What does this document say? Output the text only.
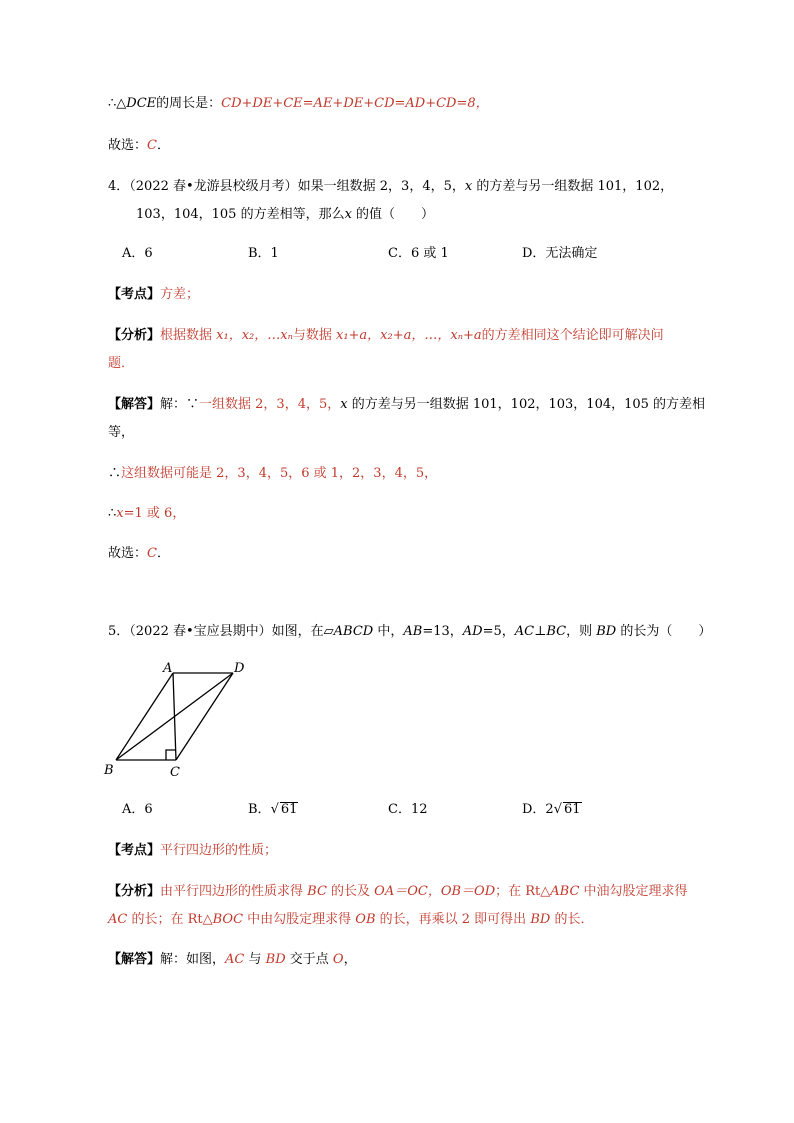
∴△DCE的周长是：CD+DE+CE=AE+DE+CD=AD+CD=8，
故选：C．
4．（2022 春•龙游县校级月考）如果一组数据 2，3，4，5，x 的方差与另一组数据 101，102，
103，104，105 的方差相等，那么x 的值（　　）
A．6	B．1	C．6 或 1	D．无法确定
【考点】方差；
【分析】根据数据 x₁，x₂，…xₙ与数据 x₁+a，x₂+a，…，xₙ+a的方差相同这个结论即可解决问
题．
【解答】解：∵一组数据 2，3，4，5，x 的方差与另一组数据 101，102，103，104，105 的方差相
等，
∴这组数据可能是 2，3，4，5，6 或 1，2，3，4，5，
∴x=1 或 6，
故选：C．
5．（2022 春•宝应县期中）如图，在▱ABCD 中，AB=13，AD=5，AC⊥BC，则 BD 的长为（　　）
A	D
B	C
A．6	B．√ 61	C．12	D．2√ 61
【考点】平行四边形的性质；
【分析】由平行四边形的性质求得 BC 的长及 OA＝OC，OB＝OD；在 Rt△ABC 中油勾股定理求得
AC 的长；在 Rt△BOC 中由勾股定理求得 OB 的长，再乘以 2 即可得出 BD 的长．
【解答】解：如图，AC 与 BD 交于点 O，
